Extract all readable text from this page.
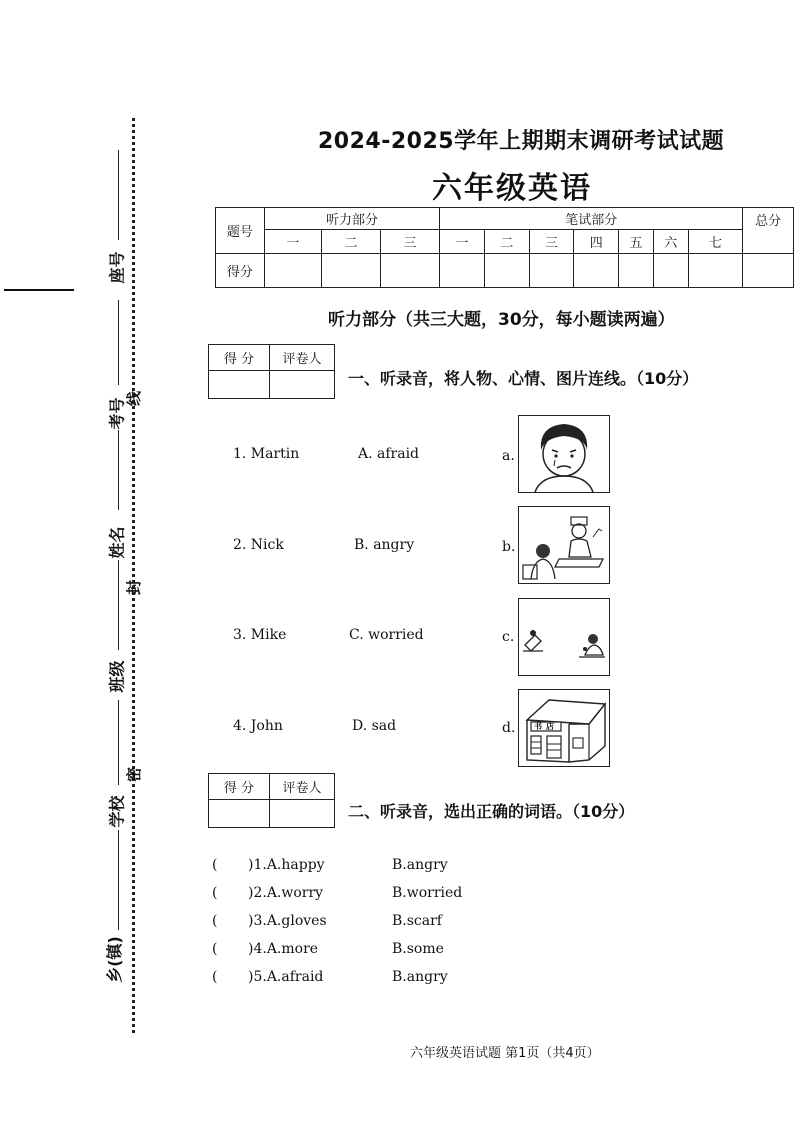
座号
考号
姓名
班级
学校
乡(镇)
线
封
密
2024-2025学年上期期末调研考试试题
六年级英语
题号	听力部分			笔试部分							总分
	一	二	三	一	二	三	四	五	六	七	
得分											
听力部分（共三大题，30分，每小题读两遍）
得 分	评卷人

一、听录音，将人物、心情、图片连线。（10分）
1. Martin	A. afraid	a.
2. Nick	B. angry	b.
3. Mike	C. worried	c.
4. John	D. sad	d. 书店
得 分	评卷人

二、听录音，选出正确的词语。（10分）
( )1.A.happy	B.angry
( )2.A.worry	B.worried
( )3.A.gloves	B.scarf
( )4.A.more	B.some
( )5.A.afraid	B.angry
六年级英语试题 第1页（共4页）
